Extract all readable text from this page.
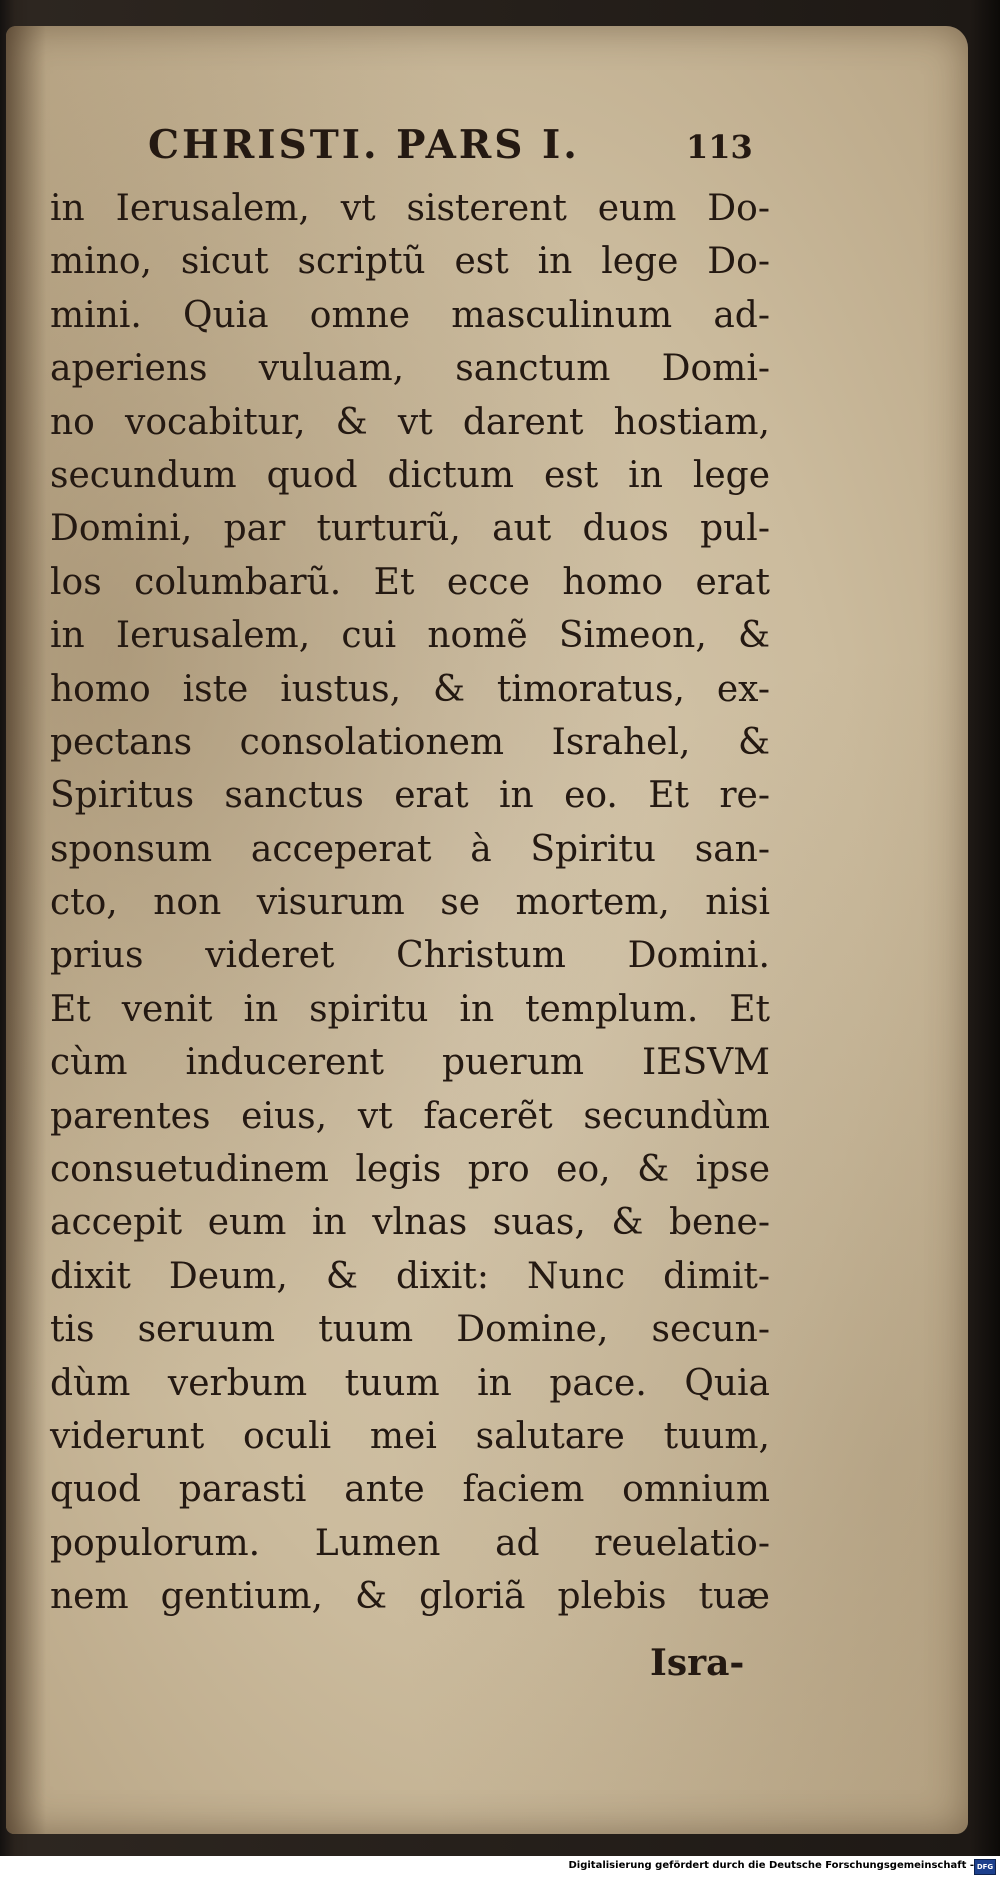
CHRISTI. PARS I.	113
in Ierusalem, vt sisterent eum Do-
mino, sicut scriptũ est in lege Do-
mini. Quia omne masculinum ad-
aperiens vuluam, sanctum Domi-
no vocabitur, & vt darent hostiam,
secundum quod dictum est in lege
Domini, par turturũ, aut duos pul-
los columbarũ. Et ecce homo erat
in Ierusalem, cui nomẽ Simeon, &
homo iste iustus, & timoratus, ex-
pectans consolationem Israhel, &
Spiritus sanctus erat in eo. Et re-
sponsum acceperat à Spiritu san-
cto, non visurum se mortem, nisi
prius videret Christum Domini.
Et venit in spiritu in templum. Et
cùm inducerent puerum IESVM
parentes eius, vt facerẽt secundùm
consuetudinem legis pro eo, & ipse
accepit eum in vlnas suas, & bene-
dixit Deum, & dixit: Nunc dimit-
tis seruum tuum Domine, secun-
dùm verbum tuum in pace. Quia
viderunt oculi mei salutare tuum,
quod parasti ante faciem omnium
populorum. Lumen ad reuelatio-
nem gentium, & gloriã plebis tuæ
Isra-
Digitalisierung gefördert durch die Deutsche Forschungsgemeinschaft - DFG
